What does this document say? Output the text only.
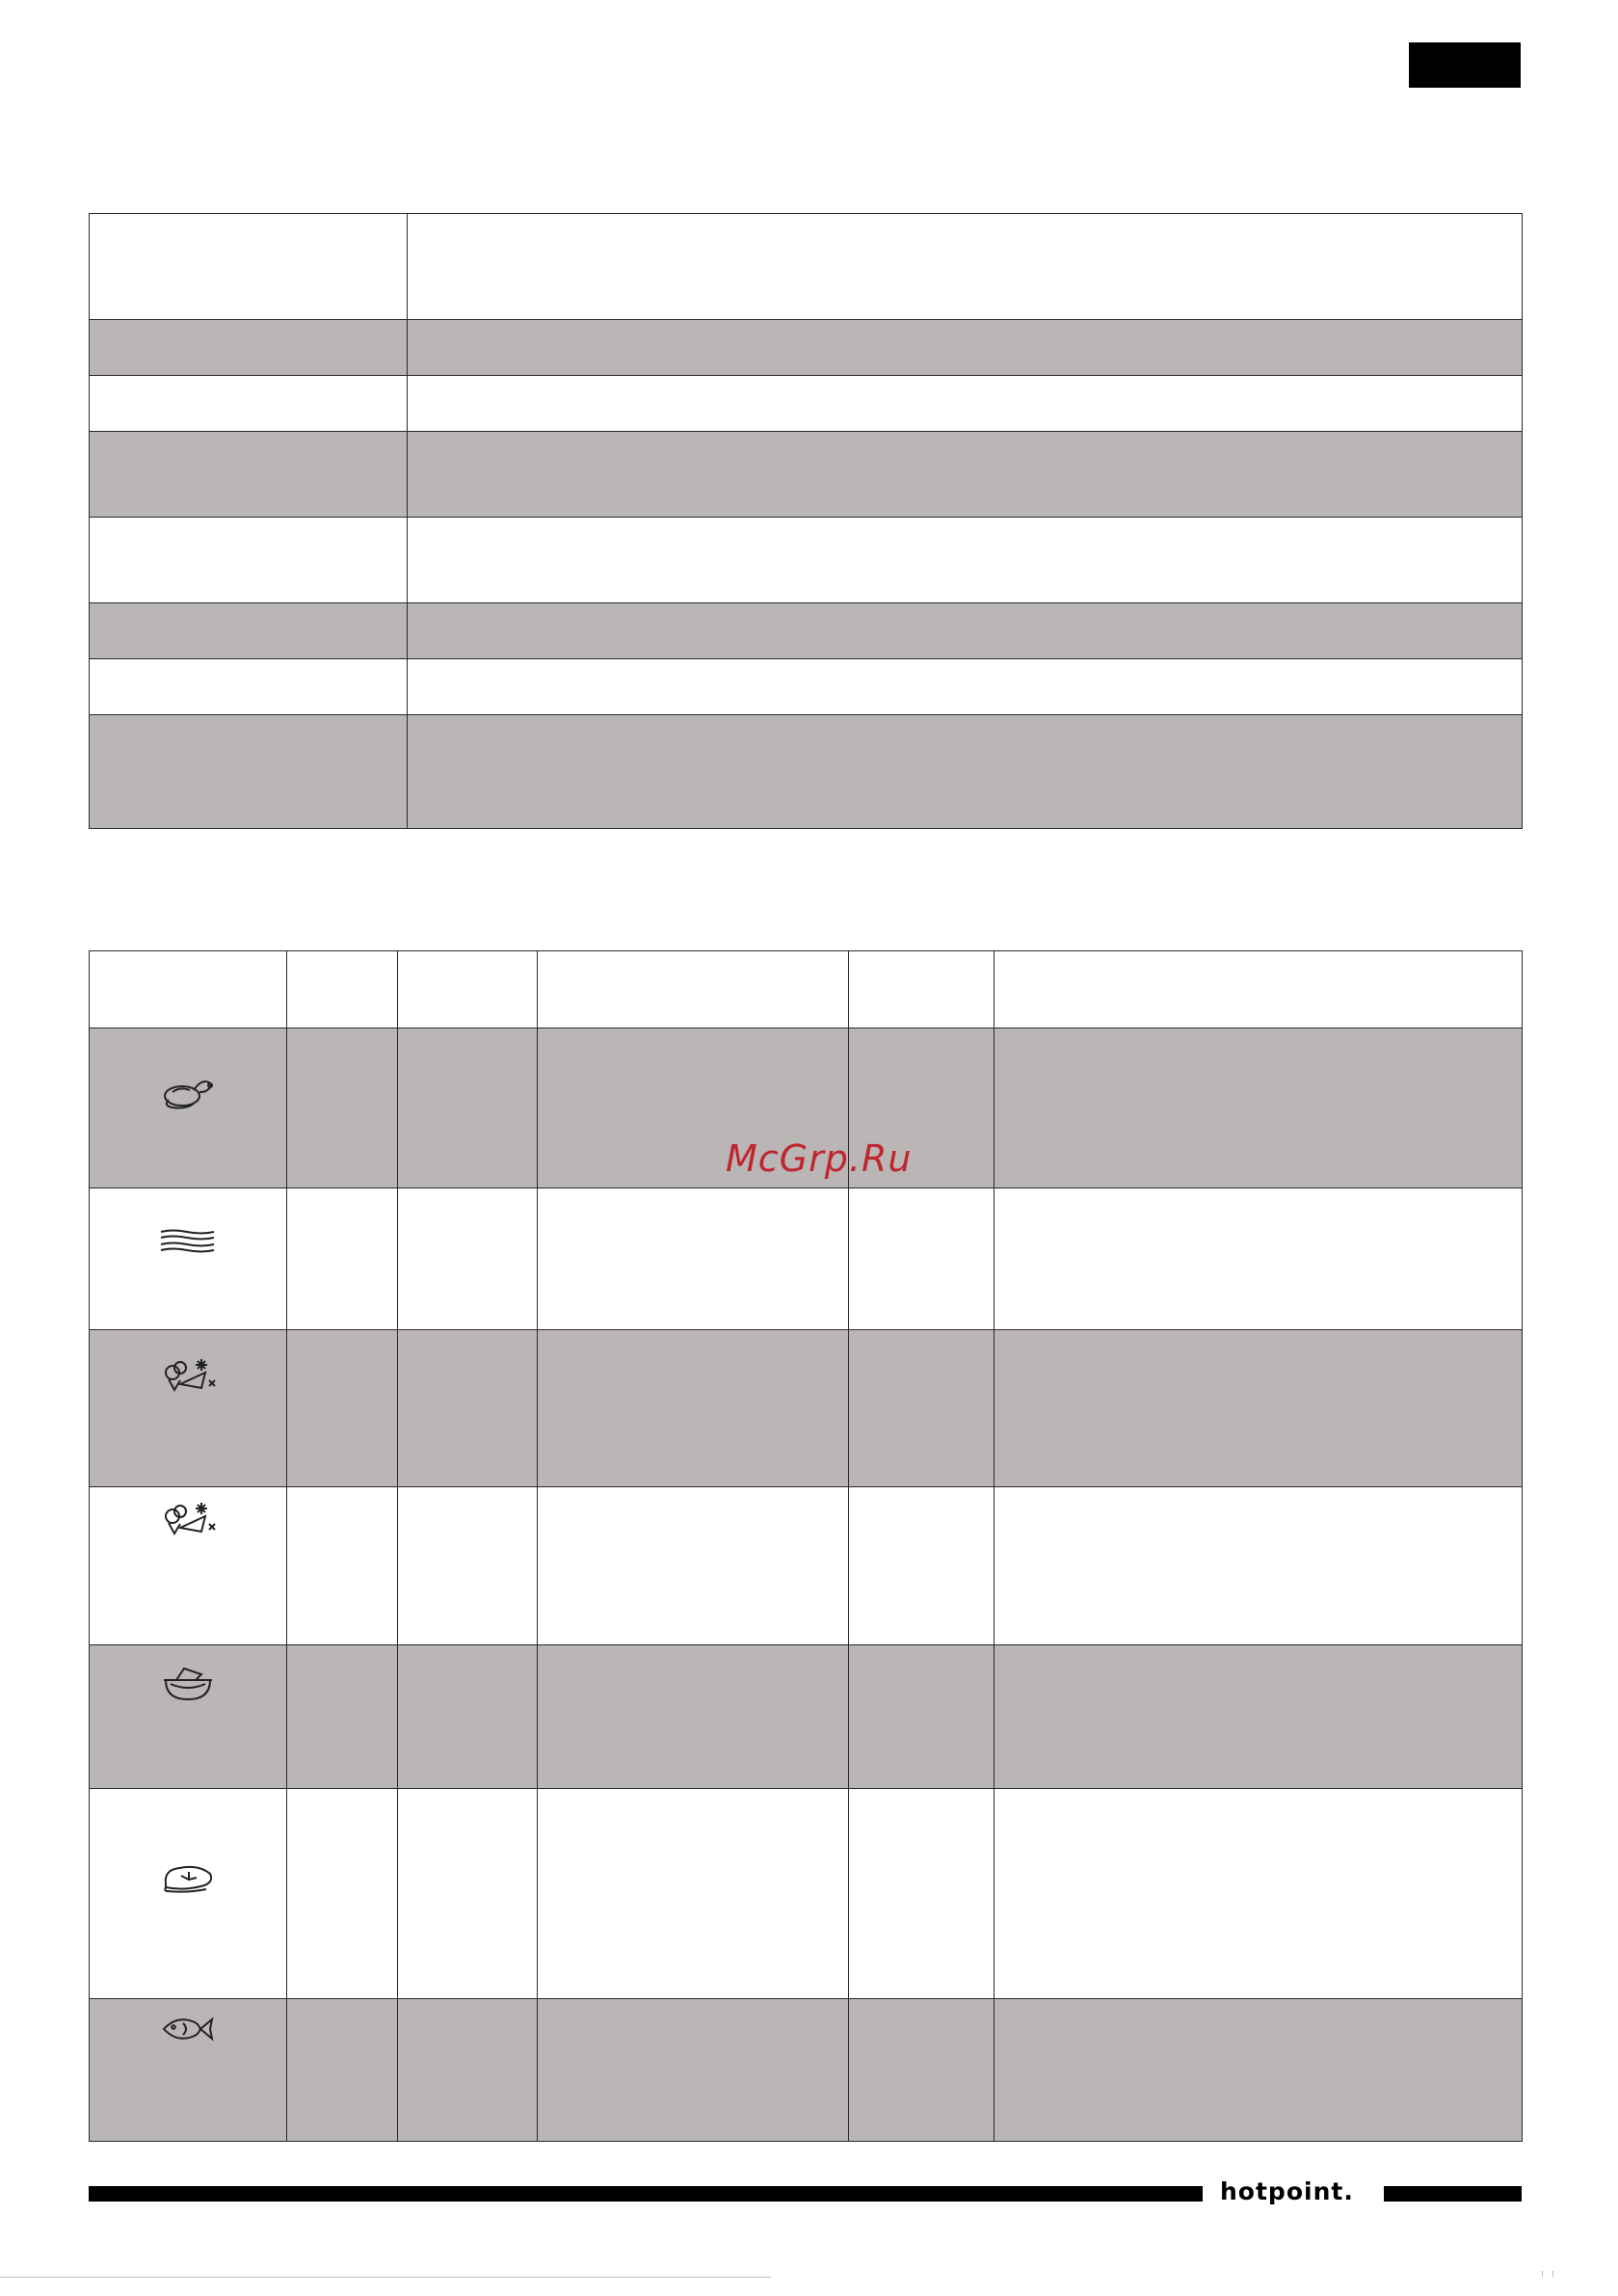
McGrp.Ru
hotpoint.
